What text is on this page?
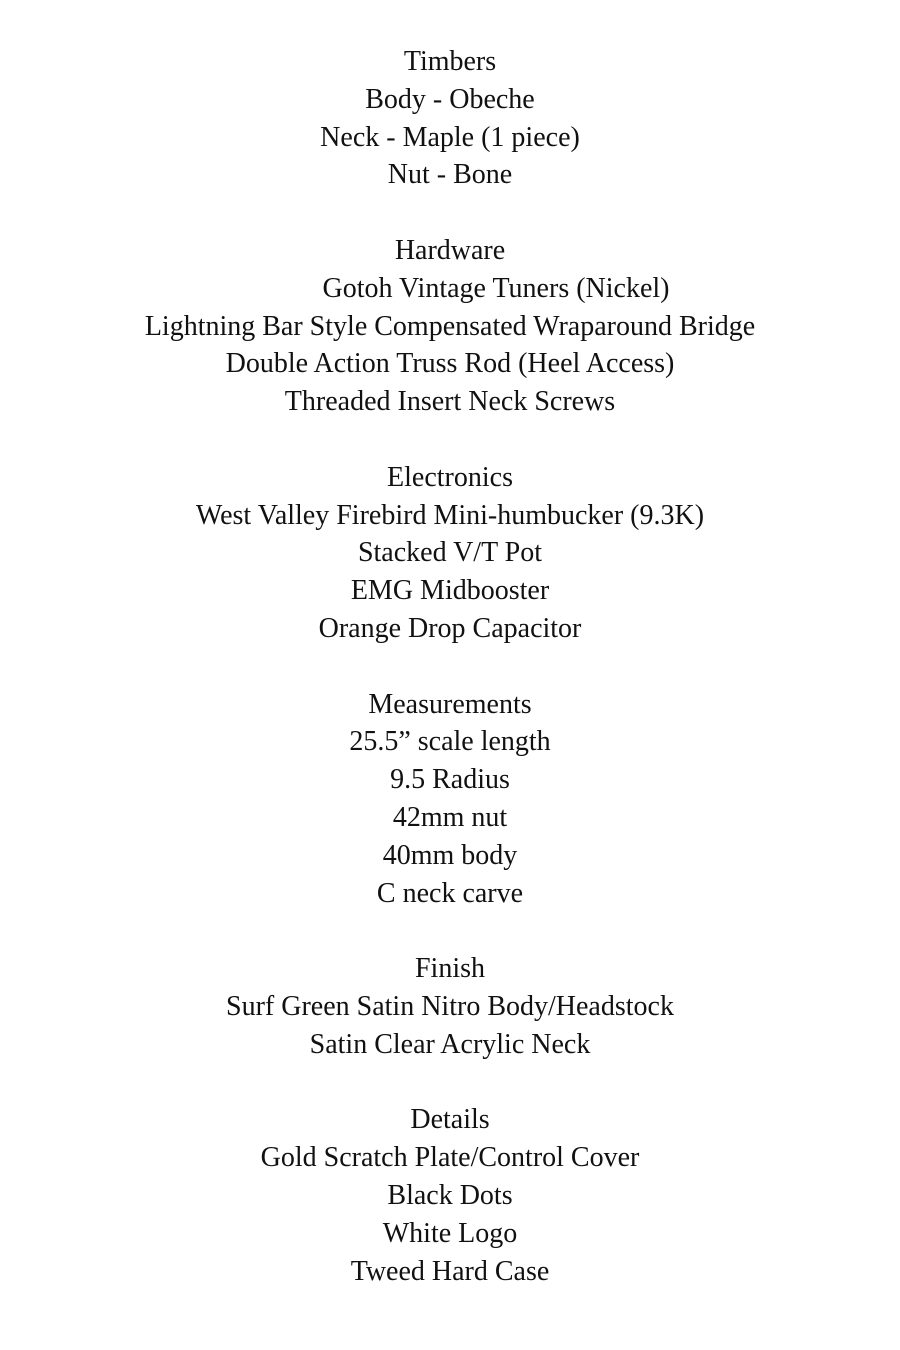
Timbers
Body - Obeche
Neck - Maple (1 piece)
Nut - Bone
Hardware
Gotoh Vintage Tuners (Nickel)
Lightning Bar Style Compensated Wraparound Bridge
Double Action Truss Rod (Heel Access)
Threaded Insert Neck Screws
Electronics
West Valley Firebird Mini-humbucker (9.3K)
Stacked V/T Pot
EMG Midbooster
Orange Drop Capacitor
Measurements
25.5” scale length
9.5 Radius
42mm nut
40mm body
C neck carve
Finish
Surf Green Satin Nitro Body/Headstock
Satin Clear Acrylic Neck
Details
Gold Scratch Plate/Control Cover
Black Dots
White Logo
Tweed Hard Case
